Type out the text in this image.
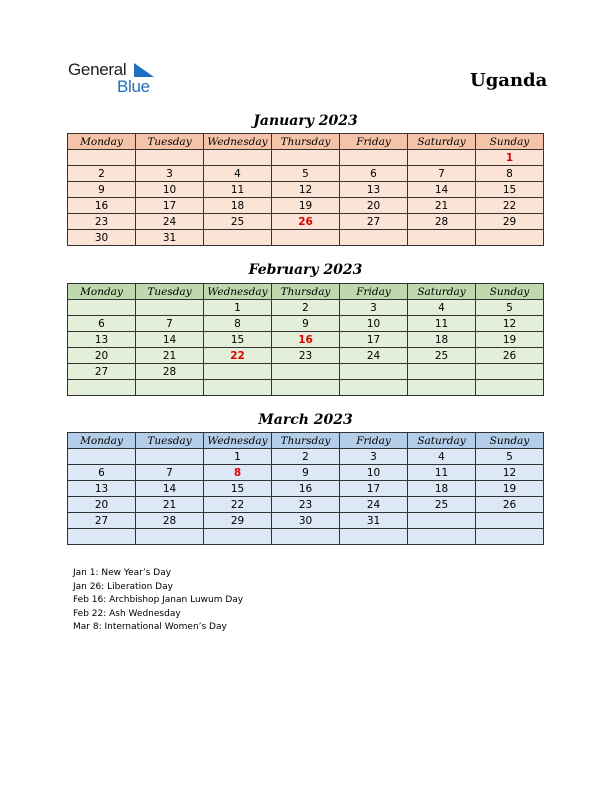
General
Blue	Uganda
January 2023
Monday	Tuesday	Wednesday	Thursday	Friday	Saturday	Sunday
						1
2	3	4	5	6	7	8
9	10	11	12	13	14	15
16	17	18	19	20	21	22
23	24	25	26	27	28	29
30	31					
February 2023
Monday	Tuesday	Wednesday	Thursday	Friday	Saturday	Sunday
		1	2	3	4	5
6	7	8	9	10	11	12
13	14	15	16	17	18	19
20	21	22	23	24	25	26
27	28					

March 2023
Monday	Tuesday	Wednesday	Thursday	Friday	Saturday	Sunday
		1	2	3	4	5
6	7	8	9	10	11	12
13	14	15	16	17	18	19
20	21	22	23	24	25	26
27	28	29	30	31		

Jan 1: New Year’s Day
Jan 26: Liberation Day
Feb 16: Archbishop Janan Luwum Day
Feb 22: Ash Wednesday
Mar 8: International Women’s Day
